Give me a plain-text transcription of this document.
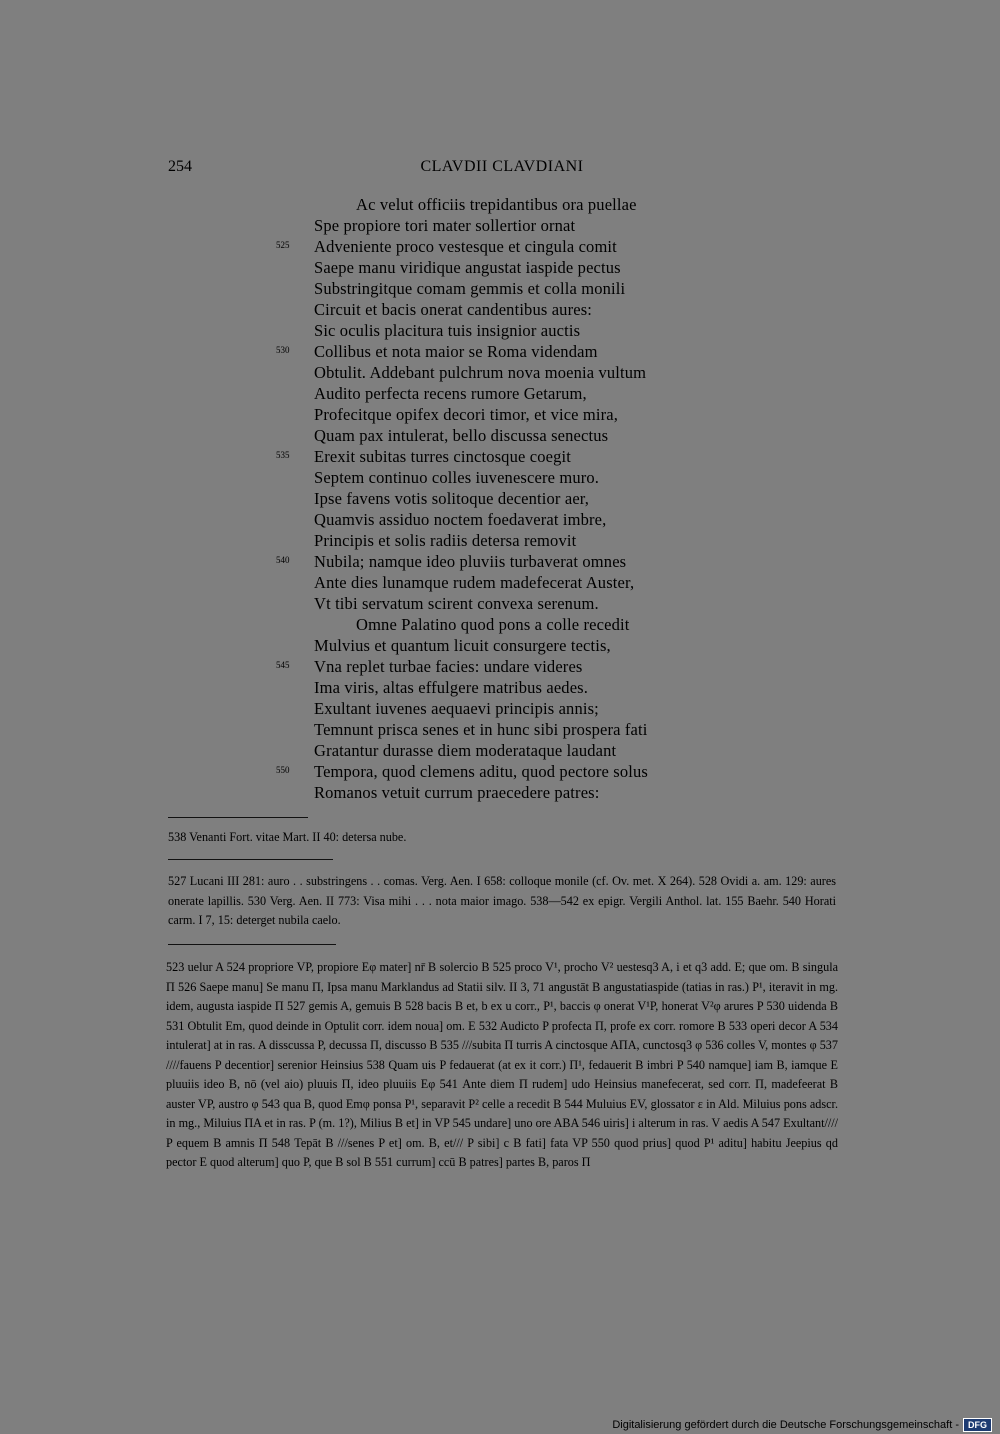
254	CLAVDII CLAVDIANI
Ac velut officiis trepidantibus ora puellae
Spe propiore tori mater sollertior ornat
525	Adveniente proco vestesque et cingula comit
Saepe manu viridique angustat iaspide pectus
Substringitque comam gemmis et colla monili
Circuit et bacis onerat candentibus aures:
Sic oculis placitura tuis insignior auctis
530	Collibus et nota maior se Roma videndam
Obtulit. Addebant pulchrum nova moenia vultum
Audito perfecta recens rumore Getarum,
Profecitque opifex decori timor, et vice mira,
Quam pax intulerat, bello discussa senectus
535	Erexit subitas turres cinctosque coegit
Septem continuo colles iuvenescere muro.
Ipse favens votis solitoque decentior aer,
Quamvis assiduo noctem foedaverat imbre,
Principis et solis radiis detersa removit
540	Nubila; namque ideo pluviis turbaverat omnes
Ante dies lunamque rudem madefecerat Auster,
Vt tibi servatum scirent convexa serenum.
Omne Palatino quod pons a colle recedit
Mulvius et quantum licuit consurgere tectis,
545	Vna replet turbae facies: undare videres
Ima viris, altas effulgere matribus aedes.
Exultant iuvenes aequaevi principis annis;
Temnunt prisca senes et in hunc sibi prospera fati
Gratantur durasse diem moderataque laudant
550	Tempora, quod clemens aditu, quod pectore solus
Romanos vetuit currum praecedere patres:

538 Venanti Fort. vitae Mart. II 40: detersa nube.

527 Lucani III 281: auro . . substringens . . comas. Verg. Aen. I 658: colloque monile (cf. Ov. met. X 264). 528 Ovidi a. am. 129: aures onerate lapillis. 530 Verg. Aen. II 773: Visa mihi . . . nota maior imago. 538—542 ex epigr. Vergili Anthol. lat. 155 Baehr. 540 Horati carm. I 7, 15: deterget nubila caelo.

523 uelur A 524 propriore VP, propiore Eφ mater] nr̄ B solercio B 525 proco V¹, procho V² uestesq3 A, i et q3 add. E; que om. B singula Π 526 Saepe manu] Se manu Π, Ipsa manu Marklandus ad Statii silv. II 3, 71 angustāt B angustatiaspide (tatias in ras.) P¹, iteravit in mg. idem, augusta iaspide Π 527 gemis A, gemuis B 528 bacis B et, b ex u corr., P¹, baccis φ onerat V¹P, honerat V²φ arures P 530 uidenda B 531 Obtulit Em, quod deinde in Optulit corr. idem noua] om. E 532 Audicto P profecta Π, profe ex corr. romore B 533 operi decor A 534 intulerat] at in ras. A disscussa P, decussa Π, discusso B 535 ///subita Π turris A cinctosque AΠA, cunctosq3 φ 536 colles V, montes φ 537 ////fauens P decentior] serenior Heinsius 538 Quam uis P fedauerat (at ex it corr.) Π¹, fedauerit B imbri P 540 namque] iam B, iamque E pluuiis ideo B, nō (vel aio) pluuis Π, ideo pluuiis Eφ 541 Ante diem Π rudem] udo Heinsius manefecerat, sed corr. Π, madefeerat B auster VP, austro φ 543 qua B, quod Emφ ponsa P¹, separavit P² celle a recedit B 544 Muluius EV, glossator ε in Ald. Miluius pons adscr. in mg., Miluius ΠA et in ras. P (m. 1?), Milius B et] in VP 545 undare] uno ore ABA 546 uiris] i alterum in ras. V aedis A 547 Exultant//// P equem B amnis Π 548 Tepāt B ///senes P et] om. B, et/// P sibi] c B fati] fata VP 550 quod prius] quod P¹ aditu] habitu Jeepius qd pector E quod alterum] quo P, que B sol B 551 currum] ccū B patres] partes B, paros Π

Digitalisierung gefördert durch die Deutsche Forschungsgemeinschaft -	DFG
